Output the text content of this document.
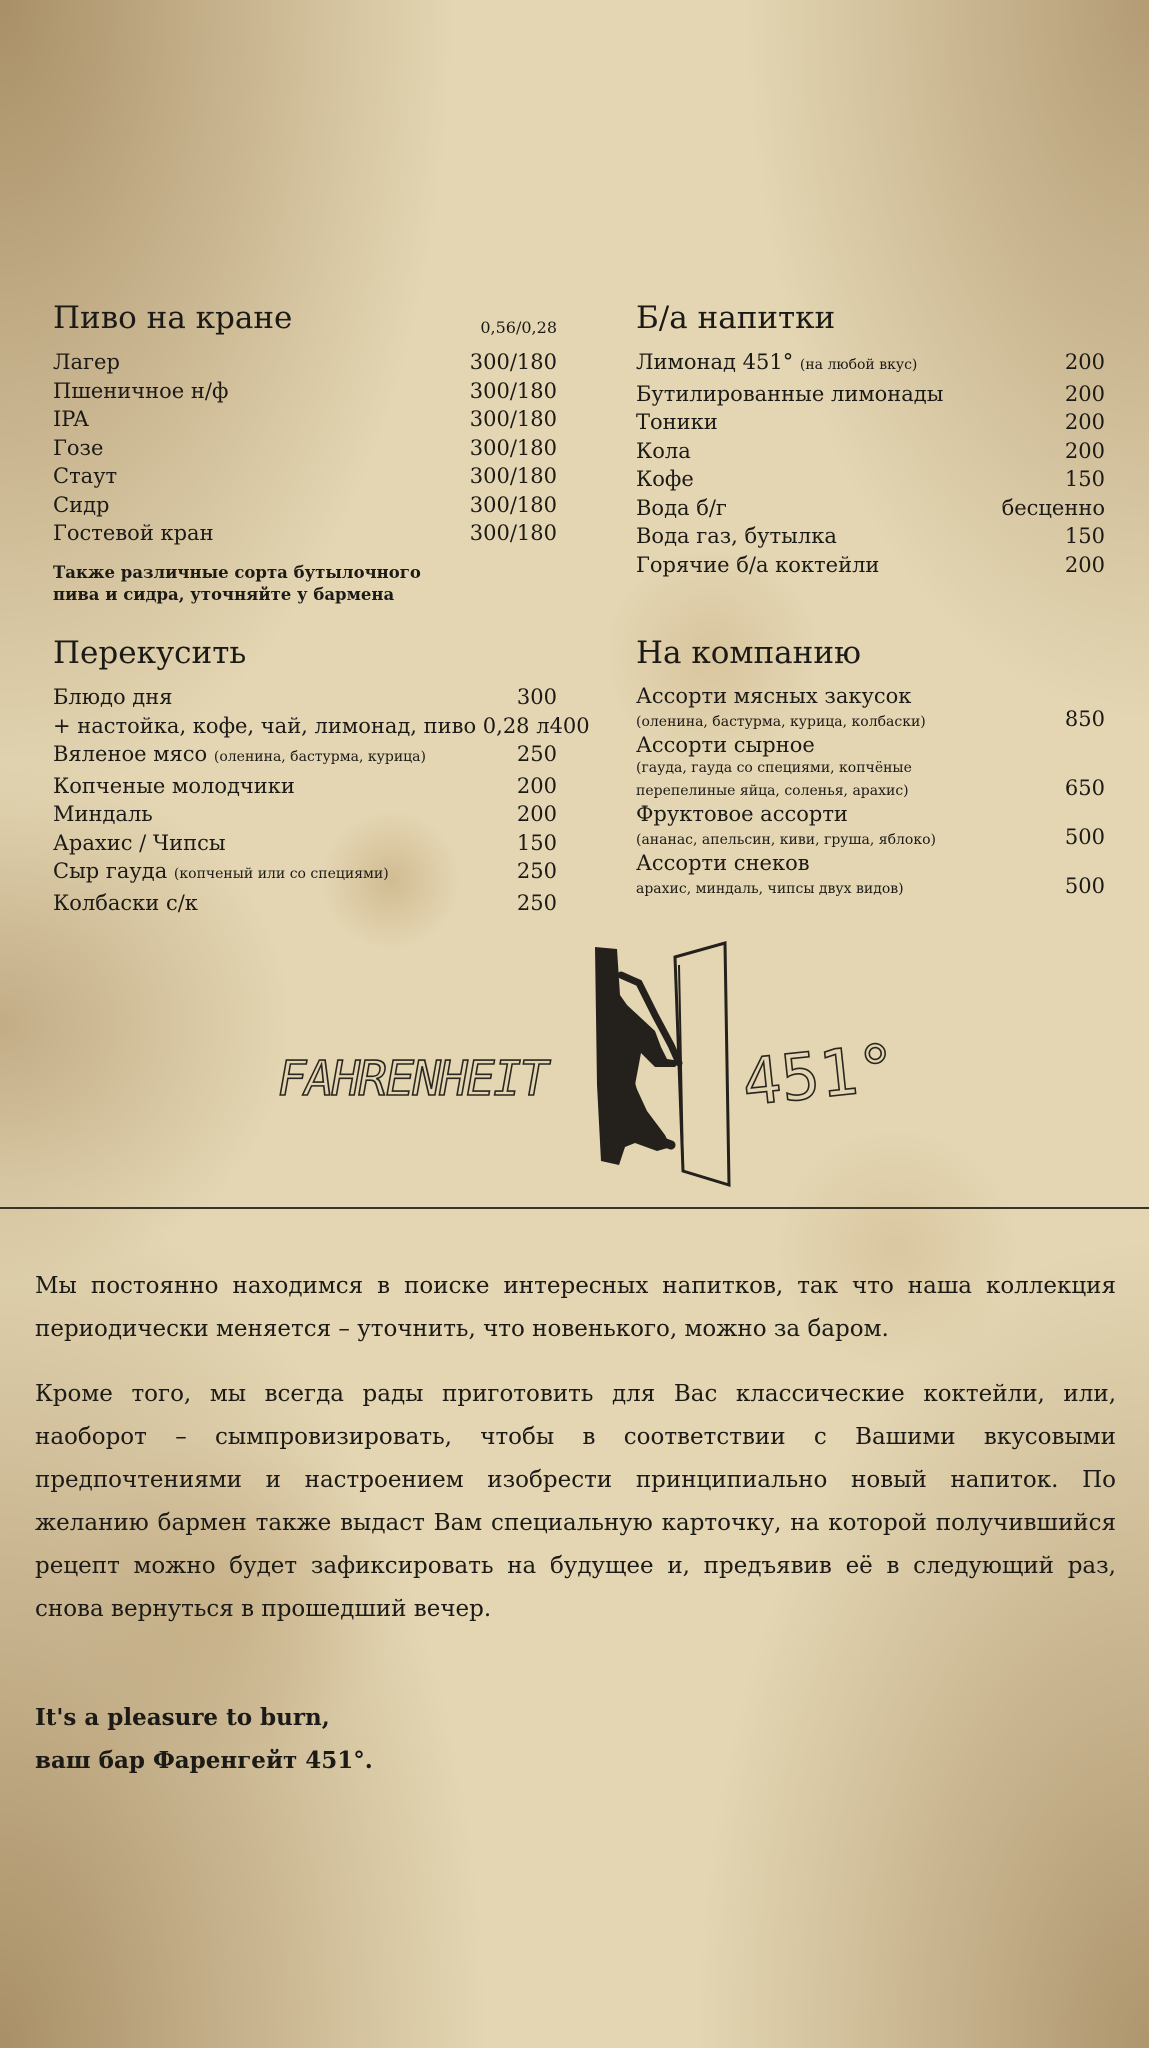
Пиво на кране	0,56/0,28
Лагер	300/180
Пшеничное н/ф	300/180
IPA	300/180
Гозе	300/180
Стаут	300/180
Сидр	300/180
Гостевой кран	300/180
Также различные сорта бутылочного пива и сидра, уточняйте у бармена
Б/а напитки
Лимонад 451° (на любой вкус)	200
Бутилированные лимонады	200
Тоники	200
Кола	200
Кофе	150
Вода б/г	бесценно
Вода газ, бутылка	150
Горячие б/а коктейли	200
Перекусить
Блюдо дня	300
+ настойка, кофе, чай, лимонад, пиво 0,28 л 400
Вяленое мясо (оленина, бастурма, курица)	250
Копченые молодчики	200
Миндаль	200
Арахис / Чипсы	150
Сыр гауда (копченый или со специями)	250
Колбаски с/к	250
На компанию
Ассорти мясных закусок
(оленина, бастурма, курица, колбаски)	850
Ассорти сырное
(гауда, гауда со специями, копчёные
перепелиные яйца, соленья, арахис)	650
Фруктовое ассорти
(ананас, апельсин, киви, груша, яблоко)	500
Ассорти снеков
арахис, миндаль, чипсы двух видов)	500
FAHRENHEIT	451°

Мы постоянно находимся в поиске интересных напитков, так что наша коллекция периодически меняется – уточнить, что новенького, можно за баром.

Кроме того, мы всегда рады приготовить для Вас классические коктейли, или, наоборот – сымпровизировать, чтобы в соответствии с Вашими вкусовыми предпочтениями и настроением изобрести принципиально новый напиток. По желанию бармен также выдаст Вам специальную карточку, на которой получившийся рецепт можно будет зафиксировать на будущее и, предъявив её в следующий раз, снова вернуться в прошедший вечер.

It's a pleasure to burn,
ваш бар Фаренгейт 451°.
